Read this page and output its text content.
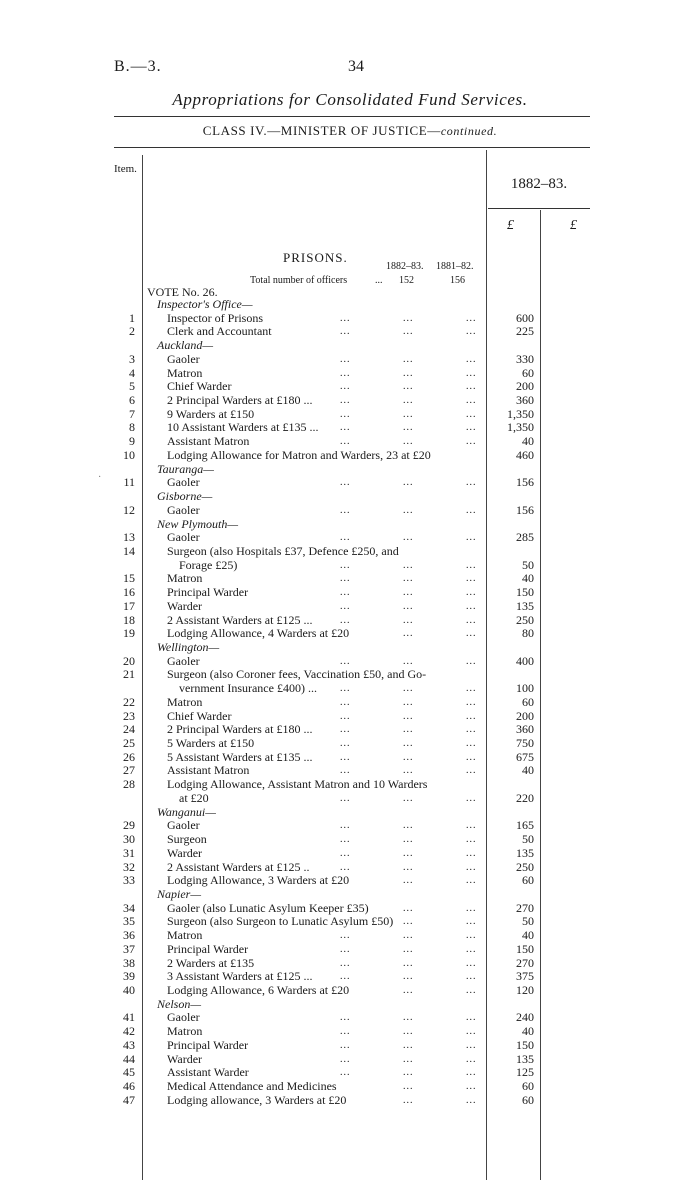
B.—3.	34
Appropriations for Consolidated Fund Services.
CLASS IV.—MINISTER OF JUSTICE—continued.
Item.
1882–83.
£	£
PRISONS.
1882–83. 1881–82.
Total number of officers	... 152	156
VOTE No. 26.
·
Inspector's Office—
1	Inspector of Prisons	...	...	...	600
2	Clerk and Accountant	...	...	...	225
Auckland—
3	Gaoler	...	...	...	330
4	Matron	...	...	...	60
5	Chief Warder	...	...	...	200
6	2 Principal Warders at £180 ...	...	...	...	360
7	9 Warders at £150	...	...	...	1,350
8	10 Assistant Warders at £135 ... ...	...	...	1,350
9	Assistant Matron	...	...	...	40
10	Lodging Allowance for Matron and Warders, 23 at £20	460
Tauranga—
11	Gaoler	...	...	...	156
Gisborne—
12	Gaoler	...	...	...	156
New Plymouth—
13	Gaoler	...	...	...	285
14	Surgeon (also Hospitals £37, Defence £250, and
Forage £25)	...	...	...	50
15	Matron	...	...	...	40
16	Principal Warder	...	...	...	150
17	Warder	...	...	...	135
18	2 Assistant Warders at £125 ...	...	...	...	250
19	Lodging Allowance, 4 Warders at £20	...	...	80
Wellington—
20	Gaoler	...	...	...	400
21	Surgeon (also Coroner fees, Vaccination £50, and Go-
vernment Insurance £400) ... ...	...	...	100
22	Matron	...	...	...	60
23	Chief Warder	...	...	...	200
24	2 Principal Warders at £180 ...	...	...	...	360
25	5 Warders at £150	...	...	...	750
26	5 Assistant Warders at £135 ...	...	...	...	675
27	Assistant Matron	...	...	...	40
28	Lodging Allowance, Assistant Matron and 10 Warders
at £20	...	...	...	220
Wanganui—
29	Gaoler	...	...	...	165
30	Surgeon	...	...	...	50
31	Warder	...	...	...	135
32	2 Assistant Warders at £125 ..	...	...	...	250
33	Lodging Allowance, 3 Warders at £20	...	...	60
Napier—
34	Gaoler (also Lunatic Asylum Keeper £35)	...	...	270
35	Surgeon (also Surgeon to Lunatic Asylum £50) ...	...	50
36	Matron	...	...	...	40
37	Principal Warder	...	...	...	150
38	2 Warders at £135	...	...	...	270
39	3 Assistant Warders at £125 ...	...	...	...	375
40	Lodging Allowance, 6 Warders at £20	...	...	120
Nelson—
41	Gaoler	...	...	...	240
42	Matron	...	...	...	40
43	Principal Warder	...	...	...	150
44	Warder	...	...	...	135
45	Assistant Warder	...	...	...	125
46	Medical Attendance and Medicines	...	...	60
47	Lodging allowance, 3 Warders at £20	...	...	60
